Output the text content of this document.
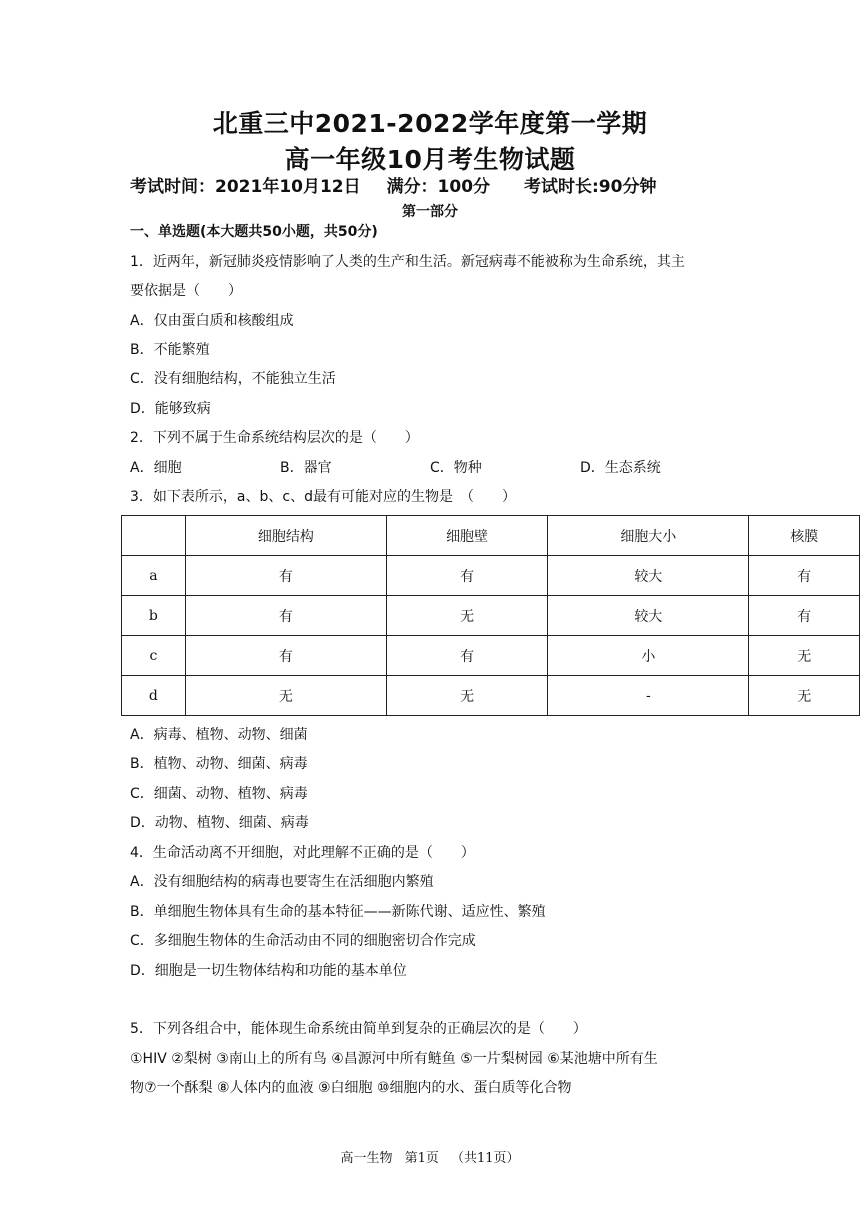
北重三中2021-2022学年度第一学期
高一年级10月考生物试题
考试时间：2021年10月12日 满分：100分 考试时长:90分钟
第一部分
一、单选题(本大题共50小题，共50分)
1．近两年，新冠肺炎疫情影响了人类的生产和生活。新冠病毒不能被称为生命系统，其主
要依据是（　　）
A．仅由蛋白质和核酸组成
B．不能繁殖
C．没有细胞结构，不能独立生活
D．能够致病
2．下列不属于生命系统结构层次的是（　　）
A．细胞	B．器官	C．物种	D．生态系统
3．如下表所示，a、b、c、d最有可能对应的生物是　（　　）
	细胞结构	细胞壁	细胞大小	核膜
a	有	有	较大	有
b	有	无	较大	有
c	有	有	小	无
d	无	无	-	无
A．病毒、植物、动物、细菌
B．植物、动物、细菌、病毒
C．细菌、动物、植物、病毒
D．动物、植物、细菌、病毒
4．生命活动离不开细胞，对此理解不正确的是（　　）
A．没有细胞结构的病毒也要寄生在活细胞内繁殖
B．单细胞生物体具有生命的基本特征——新陈代谢、适应性、繁殖
C．多细胞生物体的生命活动由不同的细胞密切合作完成
D．细胞是一切生物体结构和功能的基本单位
5．下列各组合中，能体现生命系统由简单到复杂的正确层次的是（　　）
①HIV ②梨树 ③南山上的所有鸟 ④昌源河中所有鲢鱼 ⑤一片梨树园 ⑥某池塘中所有生
物⑦一个酥梨 ⑧人体内的血液 ⑨白细胞 ⑩细胞内的水、蛋白质等化合物
高一生物 第1页 （共11页）
